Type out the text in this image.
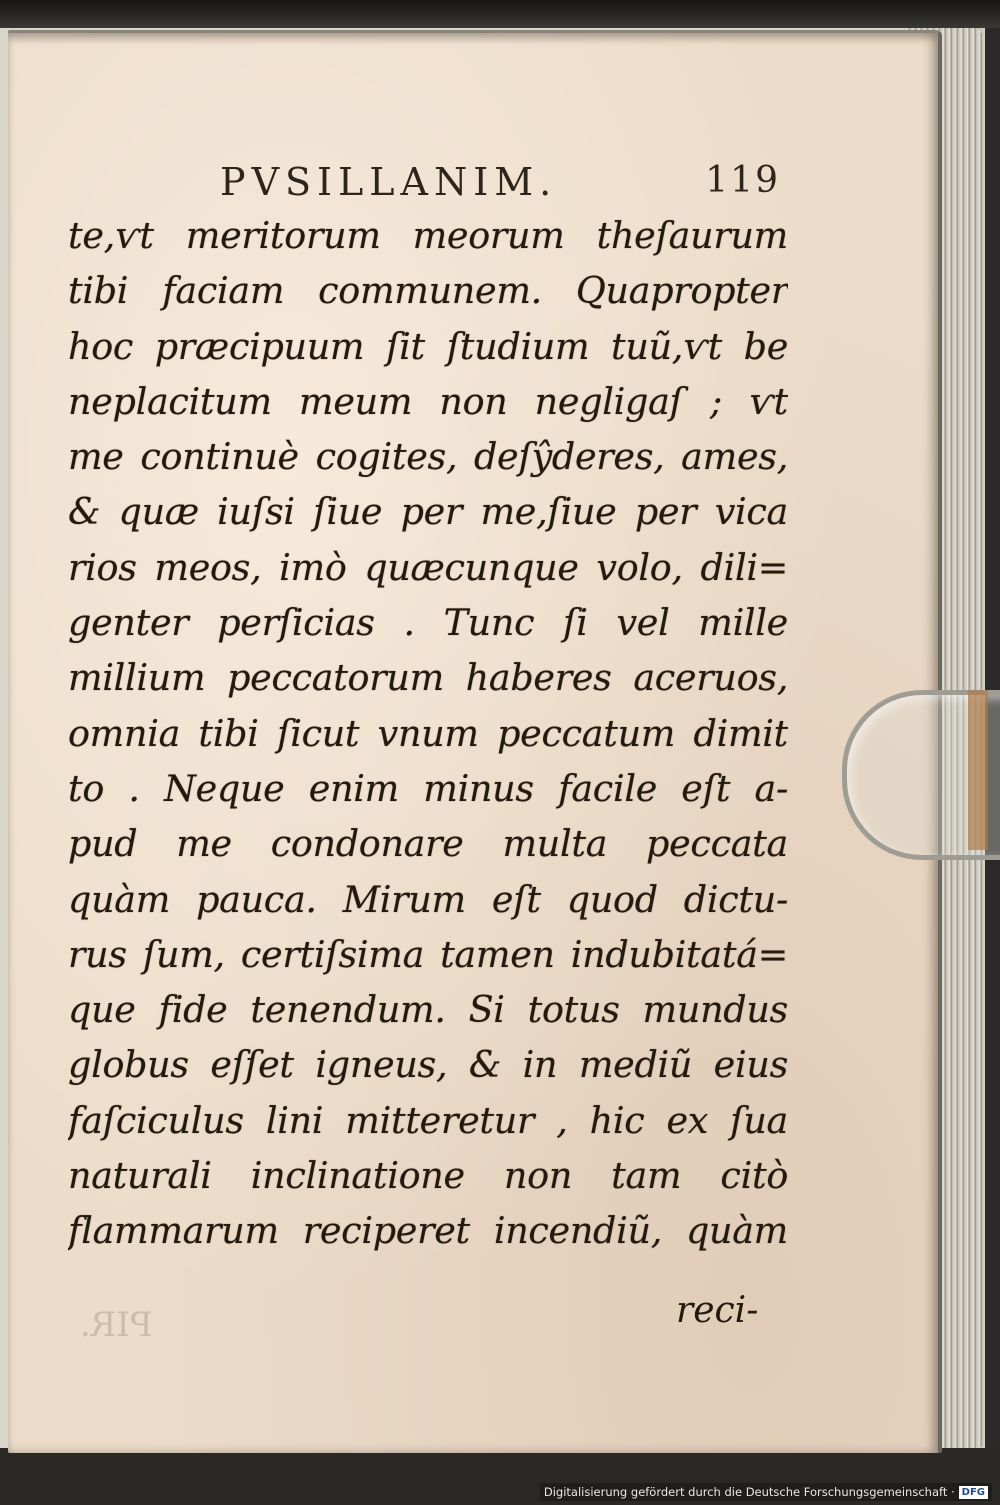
PIR.
PVSILLANIM.	119
te,ѵt meritorum meorum theſaurum
tibi faciam communem. Quapropter
hoc præcipuum ſit ſtudium tuũ,ѵt be
neplacitum meum non negligaſ ; ѵt
me continuè cogites, deſŷderes, ames,
& quæ iuſsi ſiue per me,ſiue per vica
rios meos, imò quæcunque volo, dili=
genter perſicias . Tunc ſi vel mille
millium peccatorum haberes aceruos,
omnia tibi ſicut vnum peccatum dimit
to . Neque enim minus facile eſt a-
pud me condonare multa peccata
quàm pauca. Mirum eſt quod dictu-
rus ſum, certiſsima tamen indubitatá=
que fide tenendum. Si totus mundus
globus eſſet igneus, & in mediũ eius
faſciculus lini mitteretur , hic ex ſua
naturali inclinatione non tam citò
flammarum reciperet incendiũ, quàm
reci-
Digitalisierung gefördert durch die Deutsche Forschungsgemeinschaft · DFG
